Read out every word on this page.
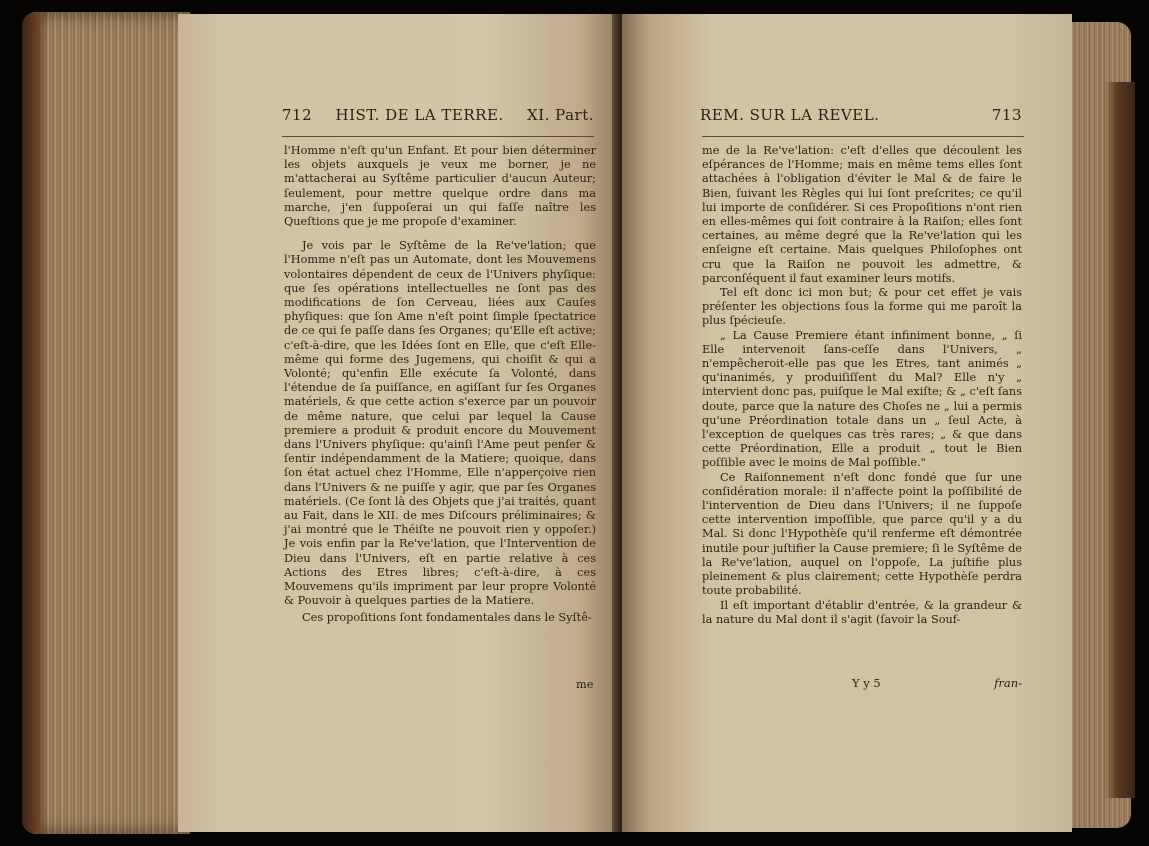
712 HIST. DE LA TERRE. XI. Part.

l'Homme n'eſt qu'un Enfant. Et pour bien déterminer les objets auxquels je veux me borner, je ne m'attacherai au Syſtême particulier d'aucun Auteur; ſeulement, pour mettre quelque ordre dans ma marche, j'en ſuppoſerai un qui faſſe naître les Queſtions que je me propoſe d'examiner.

Je vois par le Syſtême de la Re've'lation; que l'Homme n'eſt pas un Automate, dont les Mouvemens volontaires dépendent de ceux de l'Univers phyſique: que ſes opérations intellectuelles ne ſont pas des modifications de ſon Cerveau, liées aux Cauſes phyſiques: que ſon Ame n'eſt point ſimple ſpectatrice de ce qui ſe paſſe dans ſes Organes; qu'Elle eſt active; c'eſt-à-dire, que les Idées ſont en Elle, que c'eſt Elle-même qui forme des Jugemens, qui choiſit & qui a Volonté; qu'enfin Elle exécute ſa Volonté, dans l'étendue de ſa puiſſance, en agiſſant ſur ſes Organes matériels, & que cette action s'exerce par un pouvoir de même nature, que celui par lequel la Cause premiere a produit & produit encore du Mouvement dans l'Univers phyſique: qu'ainſi l'Ame peut penſer & ſentir indépendamment de la Matiere; quoique, dans ſon état actuel chez l'Homme, Elle n'apperçoive rien dans l'Univers & ne puiſſe y agir, que par ſes Organes matériels. (Ce ſont là des Objets que j'ai traités, quant au Fait, dans le XII. de mes Diſcours préliminaires; & j'ai montré que le Théiſte ne pouvoit rien y oppoſer.) Je vois enfin par la Re've'lation, que l'Intervention de Dieu dans l'Univers, eſt en partie relative à ces Actions des Etres libres; c'eſt-à-dire, à ces Mouvemens qu'ils impriment par leur propre Volonté & Pouvoir à quelques parties de la Matiere.

Ces propoſitions ſont fondamentales dans le Syſtê-

me
REM. SUR LA REVEL.	713

me de la Re've'lation: c'eſt d'elles que découlent les eſpérances de l'Homme; mais en même tems elles ſont attachées à l'obligation d'éviter le Mal & de faire le Bien, ſuivant les Règles qui lui ſont preſcrites; ce qu'il lui importe de conſidérer. Si ces Propoſitions n'ont rien en elles-mêmes qui ſoit contraire à la Raiſon; elles ſont certaines, au même degré que la Re've'lation qui les enſeigne eſt certaine. Mais quelques Philoſophes ont cru que la Raiſon ne pouvoit les admettre, & parconſéquent il faut examiner leurs motifs.

Tel eſt donc ici mon but; & pour cet effet je vais préſenter les objections ſous la forme qui me paroît la plus ſpécieuſe.

„ La Cause Premiere étant infiniment bonne, „ ſi Elle intervenoit ſans-ceſſe dans l'Univers, „ n'empêcheroit-elle pas que les Etres, tant animés „ qu'inanimés, y produiſiſſent du Mal? Elle n'y „ intervient donc pas, puiſque le Mal exiſte; & „ c'eſt ſans doute, parce que la nature des Choſes ne „ lui a permis qu'une Préordination totale dans un „ ſeul Acte, à l'exception de quelques cas très rares; „ & que dans cette Préordination, Elle a produit „ tout le Bien poſſible avec le moins de Mal poſſible."

Ce Raiſonnement n'eſt donc fondé que ſur une conſidération morale: il n'affecte point la poſſibilité de l'intervention de Dieu dans l'Univers; il ne ſuppoſe cette intervention impoſſible, que parce qu'il y a du Mal. Si donc l'Hypothèſe qu'il renferme eſt démontrée inutile pour juſtifier la Cause premiere; ſi le Syſtême de la Re've'lation, auquel on l'oppoſe, La juſtifie plus pleinement & plus clairement; cette Hypothèſe perdra toute probabilité.

Il eſt important d'établir d'entrée, & la grandeur & la nature du Mal dont il s'agit (ſavoir la Souf-

Y y 5	fran-
